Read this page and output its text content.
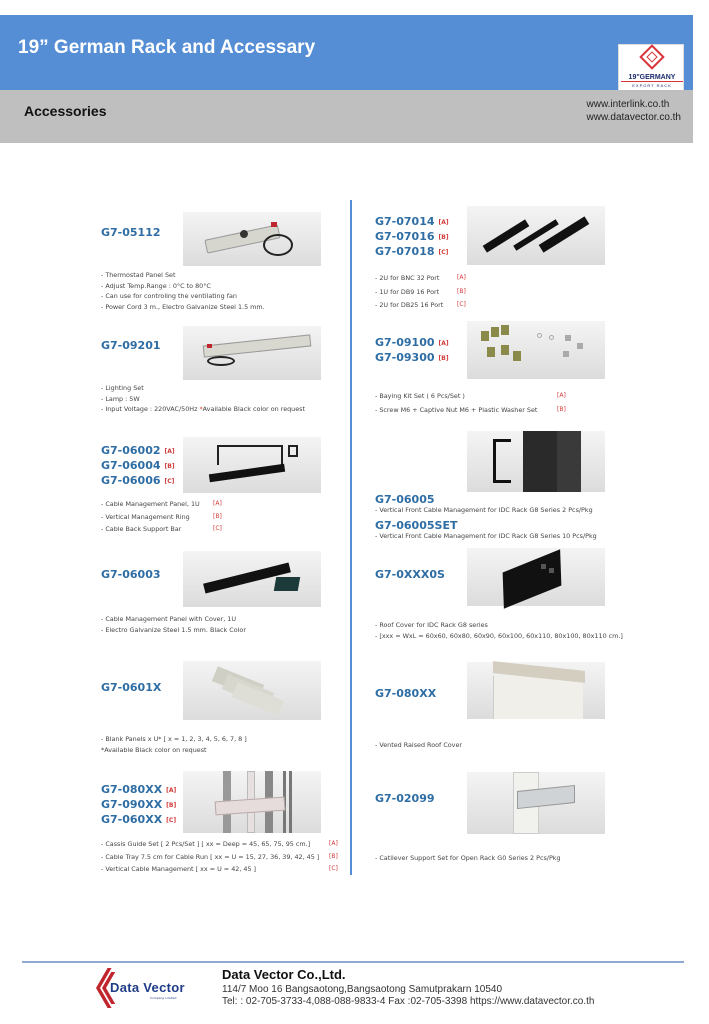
19” German Rack and Accessary
19"GERMANY
EXPORT RACK
Accessories	www.interlink.co.th
www.datavector.co.th
G7-05112
- Thermostad Panel Set
- Adjust Temp.Range : 0°C to 80°C
- Can use for controling the ventilating fan
- Power Cord 3 m., Electro Galvanize Steel 1.5 mm.
G7-09201
- Lighting Set
- Lamp : 5W
- Input Voltage : 220VAC/50Hz *Available Black color on request
G7-06002 [A]
G7-06004 [B]
G7-06006 [C]
- Cable Management Panel, 1U	[A]
- Vertical Management Ring	[B]
- Cable Back Support Bar	[C]
G7-06003
- Cable Management Panel with Cover, 1U
- Electro Galvanize Steel 1.5 mm. Black Color
G7-0601X
- Blank Panels x U* [ x = 1, 2, 3, 4, 5, 6, 7, 8 ]
*Available Black color on request
G7-080XX [A]
G7-090XX [B]
G7-060XX [C]
- Cassis Guide Set [ 2 Pcs/Set ] [ xx = Deep = 45, 65, 75, 95 cm.]	[A]
- Cable Tray 7.5 cm for Cable Run [ xx = U = 15, 27, 36, 39, 42, 45 ]	[B]
- Vertical Cable Management [ xx = U = 42, 45 ]	[C]
G7-07014 [A]
G7-07016 [B]
G7-07018 [C]
- 2U for BNC 32 Port	[A]
- 1U for DB9 16 Port	[B]
- 2U for DB25 16 Port	[C]
G7-09100 [A]
G7-09300 [B]
- Baying Kit Set ( 6 Pcs/Set )	[A]
- Screw M6 + Captive Nut M6 + Plastic Washer Set	[B]
G7-06005
- Vertical Front Cable Management for IDC Rack G8 Series 2 Pcs/Pkg
G7-06005SET
- Vertical Front Cable Management for IDC Rack G8 Series 10 Pcs/Pkg
G7-0XXX0S
- Roof Cover for IDC Rack G8 series
- [xxx = WxL = 60x60, 60x80, 60x90, 60x100, 60x110, 80x100, 80x110 cm.]
G7-080XX
- Vented Raised Roof Cover
G7-02099
- Catilever Support Set for Open Rack G0 Series 2 Pcs/Pkg
Data Vector
Company Limited
Data Vector Co.,Ltd.
114/7 Moo 16 Bangsaotong,Bangsaotong Samutprakarn 10540
Tel: : 02-705-3733-4,088-088-9833-4 Fax :02-705-3398 https://www.datavector.co.th
